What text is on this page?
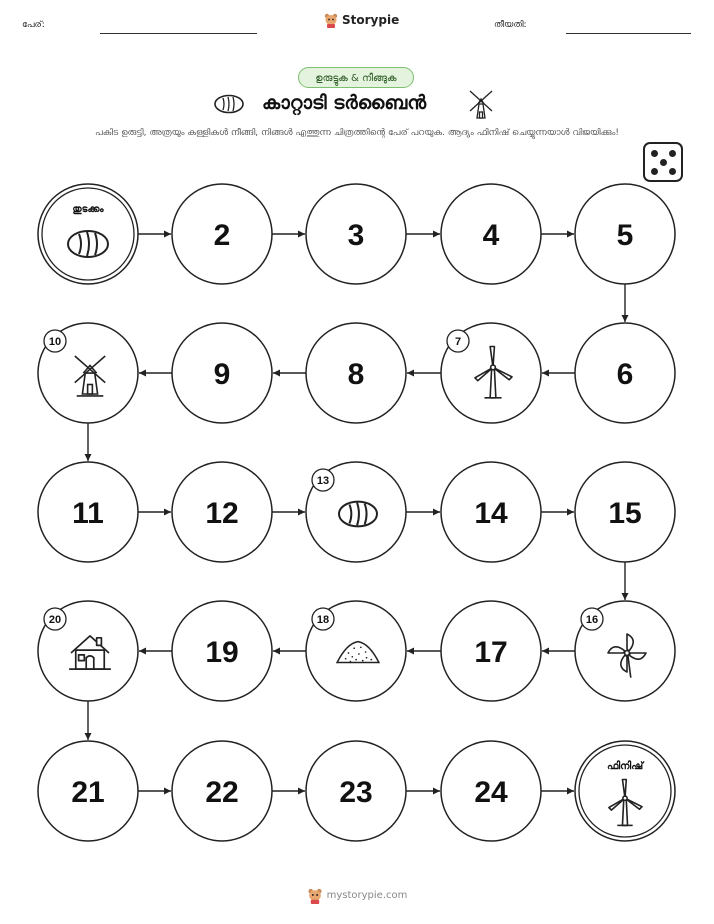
പേര്:	Storypie	തീയതി:
ഉരുട്ടുക & നീങ്ങുക
കാറ്റാടി ടർബൈൻ
പകിട ഉരുട്ടി, അത്രയും കള്ളികൾ നീങ്ങി, നിങ്ങൾ എത്തുന്ന ചിത്രത്തിന്റെ പേര് പറയുക. ആദ്യം ഫിനിഷ് ചെയ്യുന്നയാൾ വിജയിക്കും!
തുടക്കം
2	3	4	5
6
7
8
9
10
11	12
13
14	15
16
17
18
19
20
21	22	23	24
ഫിനിഷ്
mystorypie.com
